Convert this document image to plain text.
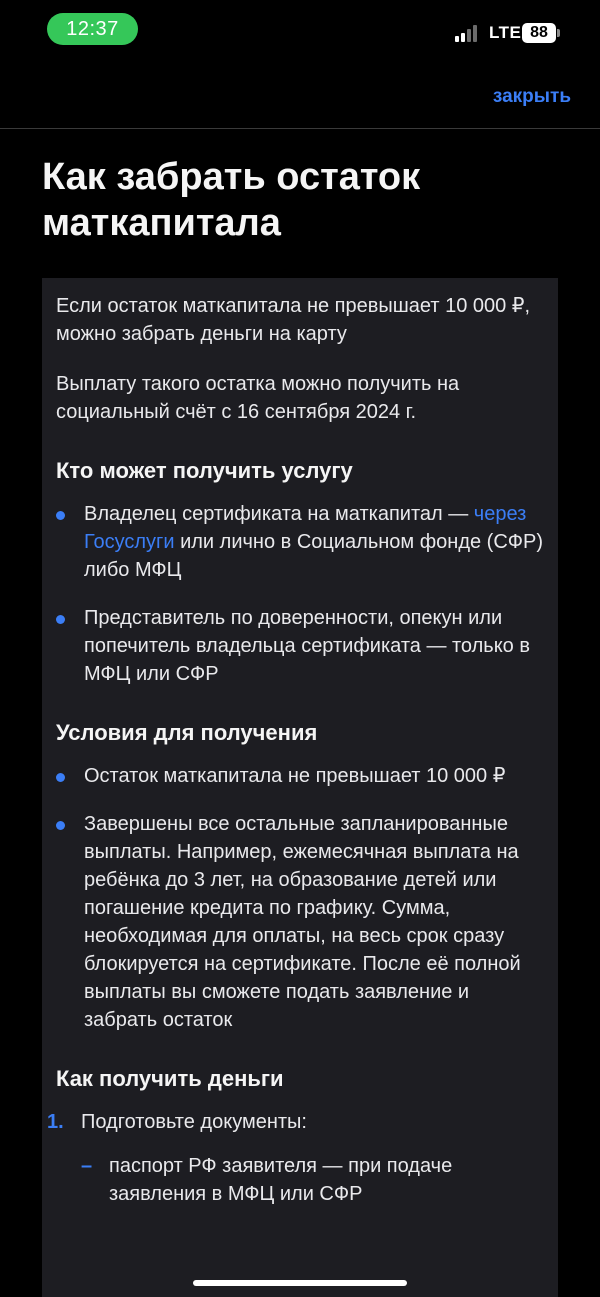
12:37	LTE 88
закрыть
Как забрать остаток маткапитала

Если остаток маткапитала не превышает 10 000 ₽, можно забрать деньги на карту

Выплату такого остатка можно получить на социальный счёт с 16 сентября 2024 г.

Кто может получить услугу
Владелец сертификата на маткапитал — через Госуслуги или лично в Социальном фонде (СФР) либо МФЦ
Представитель по доверенности, опекун или попечитель владельца сертификата — только в МФЦ или СФР
Условия для получения
Остаток маткапитала не превышает 10 000 ₽
Завершены все остальные запланированные выплаты. Например, ежемесячная выплата на ребёнка до 3 лет, на образование детей или погашение кредита по графику. Сумма, необходимая для оплаты, на весь срок сразу блокируется на сертификате. После её полной выплаты вы сможете подать заявление и забрать остаток
Как получить деньги
1. Подготовьте документы:
– паспорт РФ заявителя — при подаче заявления в МФЦ или СФР
